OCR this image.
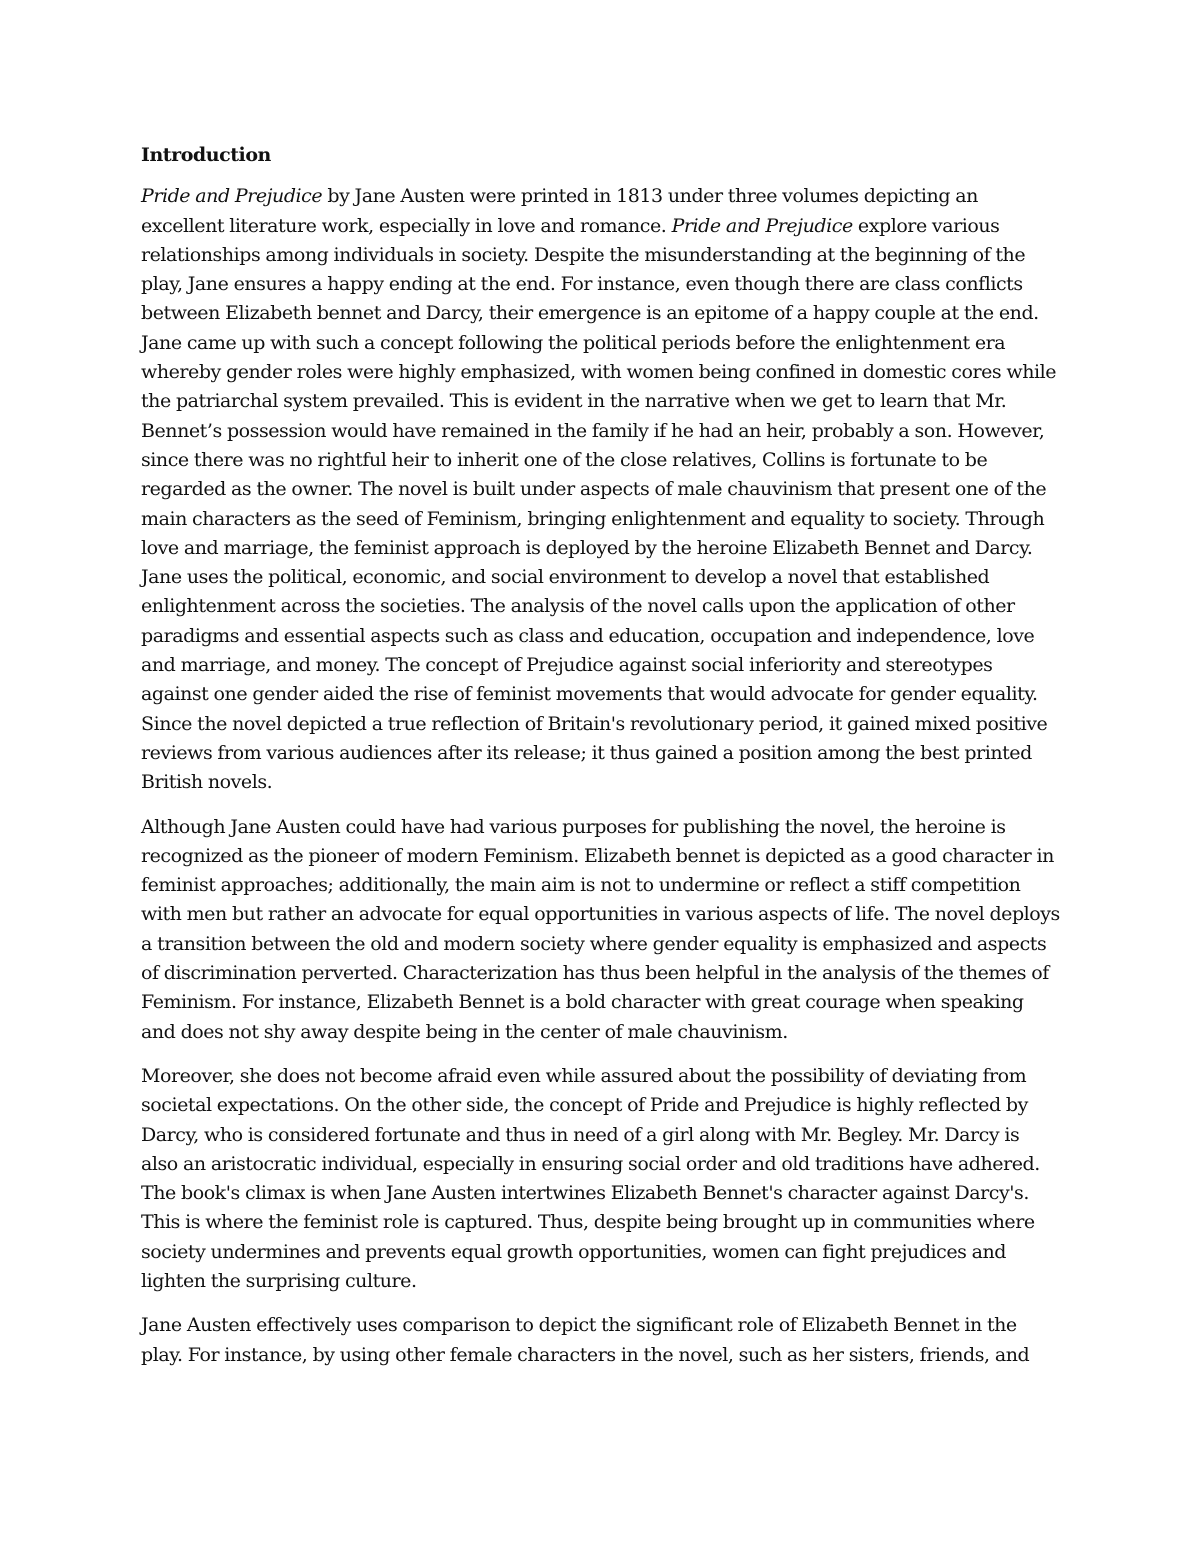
Introduction

Pride and Prejudice by Jane Austen were printed in 1813 under three volumes depicting an excellent literature work, especially in love and romance. Pride and Prejudice explore various relationships among individuals in society. Despite the misunderstanding at the beginning of the play, Jane ensures a happy ending at the end. For instance, even though there are class conflicts between Elizabeth bennet and Darcy, their emergence is an epitome of a happy couple at the end. Jane came up with such a concept following the political periods before the enlightenment era whereby gender roles were highly emphasized, with women being confined in domestic cores while the patriarchal system prevailed. This is evident in the narrative when we get to learn that Mr. Bennet’s possession would have remained in the family if he had an heir, probably a son. However, since there was no rightful heir to inherit one of the close relatives, Collins is fortunate to be regarded as the owner. The novel is built under aspects of male chauvinism that present one of the main characters as the seed of Feminism, bringing enlightenment and equality to society. Through love and marriage, the feminist approach is deployed by the heroine Elizabeth Bennet and Darcy. Jane uses the political, economic, and social environment to develop a novel that established enlightenment across the societies. The analysis of the novel calls upon the application of other paradigms and essential aspects such as class and education, occupation and independence, love and marriage, and money. The concept of Prejudice against social inferiority and stereotypes against one gender aided the rise of feminist movements that would advocate for gender equality. Since the novel depicted a true reflection of Britain's revolutionary period, it gained mixed positive reviews from various audiences after its release; it thus gained a position among the best printed British novels.

Although Jane Austen could have had various purposes for publishing the novel, the heroine is recognized as the pioneer of modern Feminism. Elizabeth bennet is depicted as a good character in feminist approaches; additionally, the main aim is not to undermine or reflect a stiff competition with men but rather an advocate for equal opportunities in various aspects of life. The novel deploys a transition between the old and modern society where gender equality is emphasized and aspects of discrimination perverted. Characterization has thus been helpful in the analysis of the themes of Feminism. For instance, Elizabeth Bennet is a bold character with great courage when speaking and does not shy away despite being in the center of male chauvinism.

Moreover, she does not become afraid even while assured about the possibility of deviating from societal expectations. On the other side, the concept of Pride and Prejudice is highly reflected by Darcy, who is considered fortunate and thus in need of a girl along with Mr. Begley. Mr. Darcy is also an aristocratic individual, especially in ensuring social order and old traditions have adhered. The book's climax is when Jane Austen intertwines Elizabeth Bennet's character against Darcy's. This is where the feminist role is captured. Thus, despite being brought up in communities where society undermines and prevents equal growth opportunities, women can fight prejudices and lighten the surprising culture.

Jane Austen effectively uses comparison to depict the significant role of Elizabeth Bennet in the play. For instance, by using other female characters in the novel, such as her sisters, friends, and
